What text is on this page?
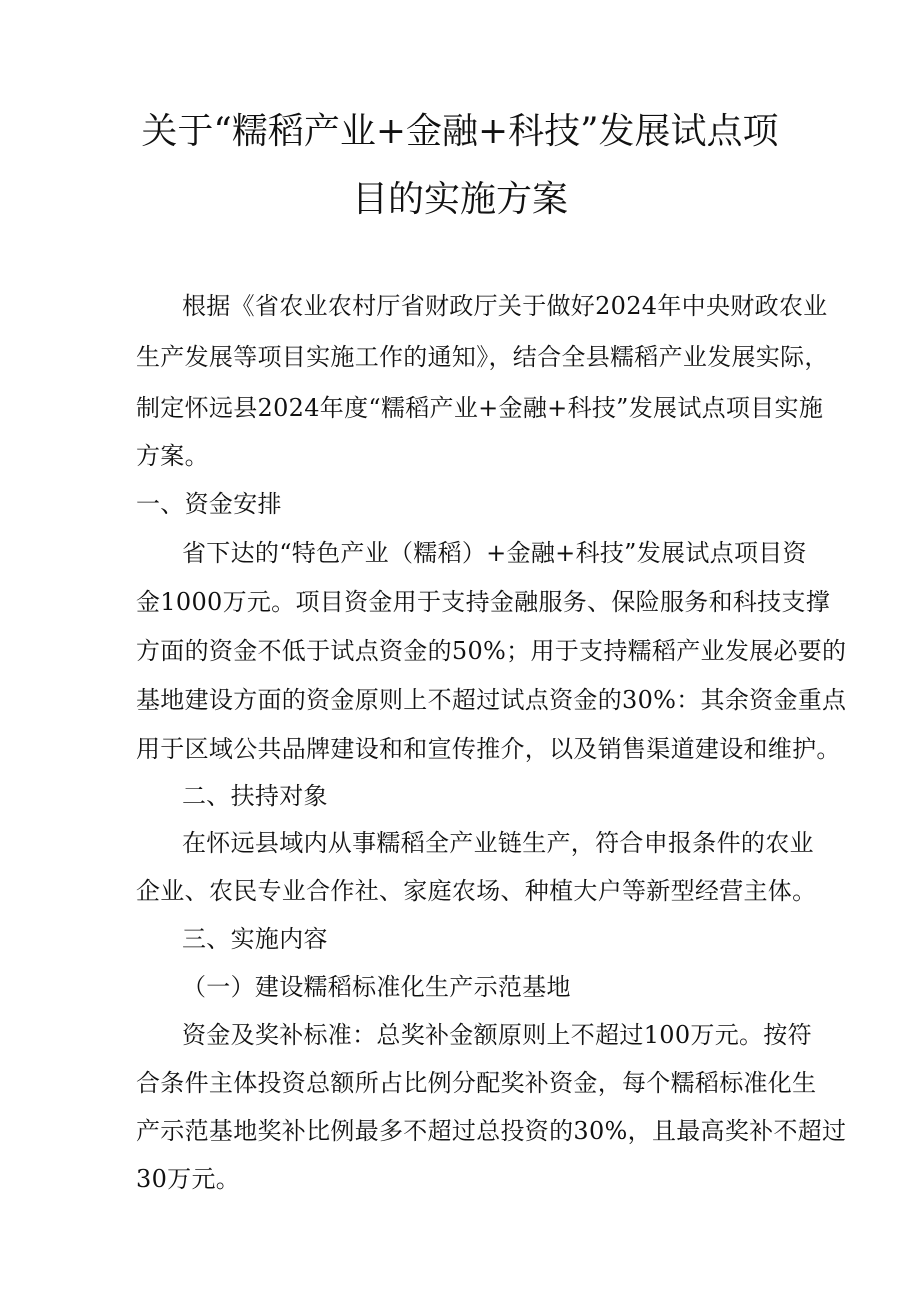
关于“糯稻产业+金融+科技”发展试点项
目的实施方案
根据《省农业农村厅省财政厅关于做好2024年中央财政农业
生产发展等项目实施工作的通知》，结合全县糯稻产业发展实际，
制定怀远县2024年度“糯稻产业+金融+科技”发展试点项目实施
方案。
一、资金安排
省下达的“特色产业（糯稻）+金融+科技”发展试点项目资
金1000万元。项目资金用于支持金融服务、保险服务和科技支撑
方面的资金不低于试点资金的50%；用于支持糯稻产业发展必要的
基地建设方面的资金原则上不超过试点资金的30%：其余资金重点
用于区域公共品牌建设和和宣传推介，以及销售渠道建设和维护。
二、扶持对象
在怀远县域内从事糯稻全产业链生产，符合申报条件的农业
企业、农民专业合作社、家庭农场、种植大户等新型经营主体。
三、实施内容
（一）建设糯稻标准化生产示范基地
资金及奖补标准：总奖补金额原则上不超过100万元。按符
合条件主体投资总额所占比例分配奖补资金，每个糯稻标准化生
产示范基地奖补比例最多不超过总投资的30%，且最高奖补不超过
30万元。
